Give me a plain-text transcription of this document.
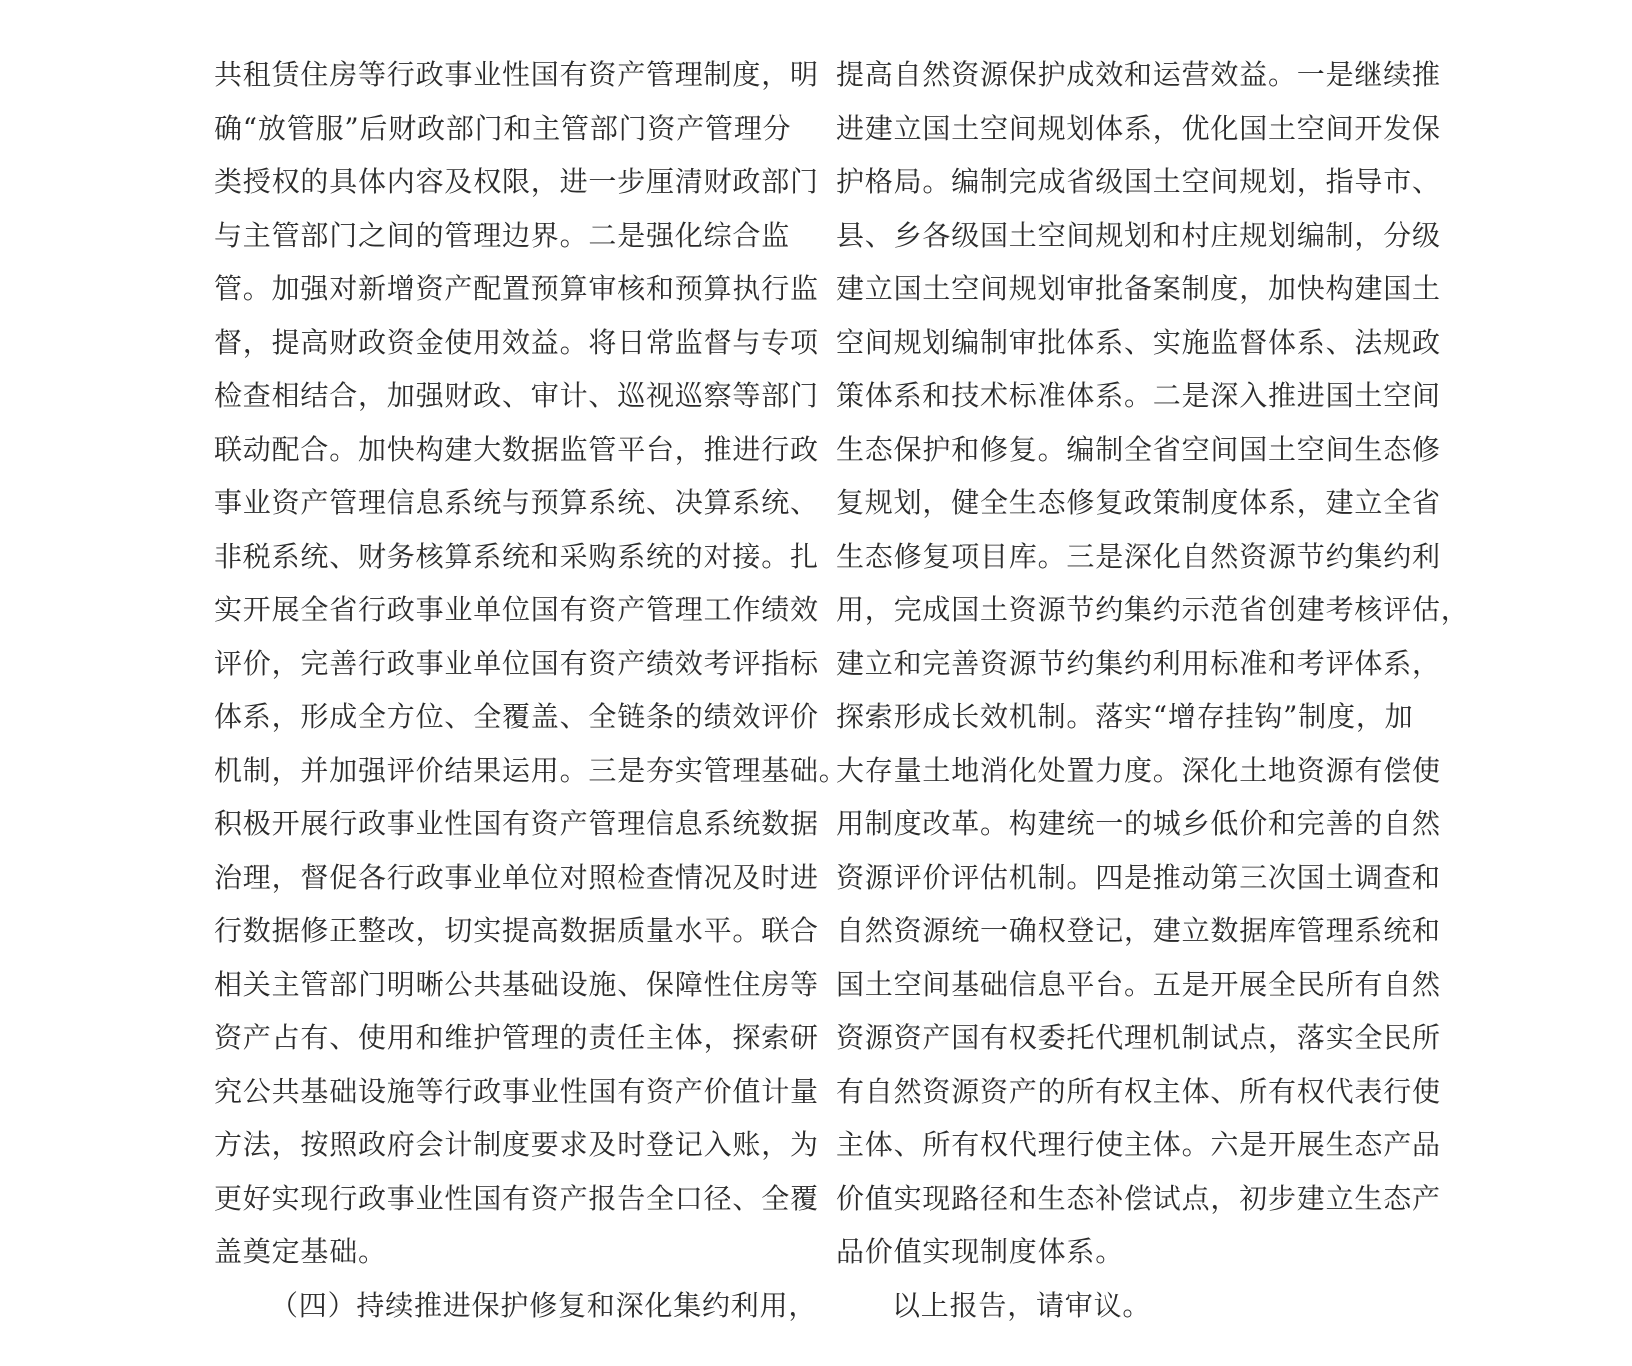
共租赁住房等行政事业性国有资产管理制度，明
确“放管服”后财政部门和主管部门资产管理分
类授权的具体内容及权限，进一步厘清财政部门
与主管部门之间的管理边界。二是强化综合监
管。加强对新增资产配置预算审核和预算执行监
督，提高财政资金使用效益。将日常监督与专项
检查相结合，加强财政、审计、巡视巡察等部门
联动配合。加快构建大数据监管平台，推进行政
事业资产管理信息系统与预算系统、决算系统、
非税系统、财务核算系统和采购系统的对接。扎
实开展全省行政事业单位国有资产管理工作绩效
评价，完善行政事业单位国有资产绩效考评指标
体系，形成全方位、全覆盖、全链条的绩效评价
机制，并加强评价结果运用。三是夯实管理基础。
积极开展行政事业性国有资产管理信息系统数据
治理，督促各行政事业单位对照检查情况及时进
行数据修正整改，切实提高数据质量水平。联合
相关主管部门明晰公共基础设施、保障性住房等
资产占有、使用和维护管理的责任主体，探索研
究公共基础设施等行政事业性国有资产价值计量
方法，按照政府会计制度要求及时登记入账，为
更好实现行政事业性国有资产报告全口径、全覆
盖奠定基础。
（四）持续推进保护修复和深化集约利用，
提高自然资源保护成效和运营效益。一是继续推
进建立国土空间规划体系，优化国土空间开发保
护格局。编制完成省级国土空间规划，指导市、
县、乡各级国土空间规划和村庄规划编制，分级
建立国土空间规划审批备案制度，加快构建国土
空间规划编制审批体系、实施监督体系、法规政
策体系和技术标准体系。二是深入推进国土空间
生态保护和修复。编制全省空间国土空间生态修
复规划，健全生态修复政策制度体系，建立全省
生态修复项目库。三是深化自然资源节约集约利
用，完成国土资源节约集约示范省创建考核评估，
建立和完善资源节约集约利用标准和考评体系，
探索形成长效机制。落实“增存挂钩”制度，加
大存量土地消化处置力度。深化土地资源有偿使
用制度改革。构建统一的城乡低价和完善的自然
资源评价评估机制。四是推动第三次国土调查和
自然资源统一确权登记，建立数据库管理系统和
国土空间基础信息平台。五是开展全民所有自然
资源资产国有权委托代理机制试点，落实全民所
有自然资源资产的所有权主体、所有权代表行使
主体、所有权代理行使主体。六是开展生态产品
价值实现路径和生态补偿试点，初步建立生态产
品价值实现制度体系。
以上报告，请审议。
